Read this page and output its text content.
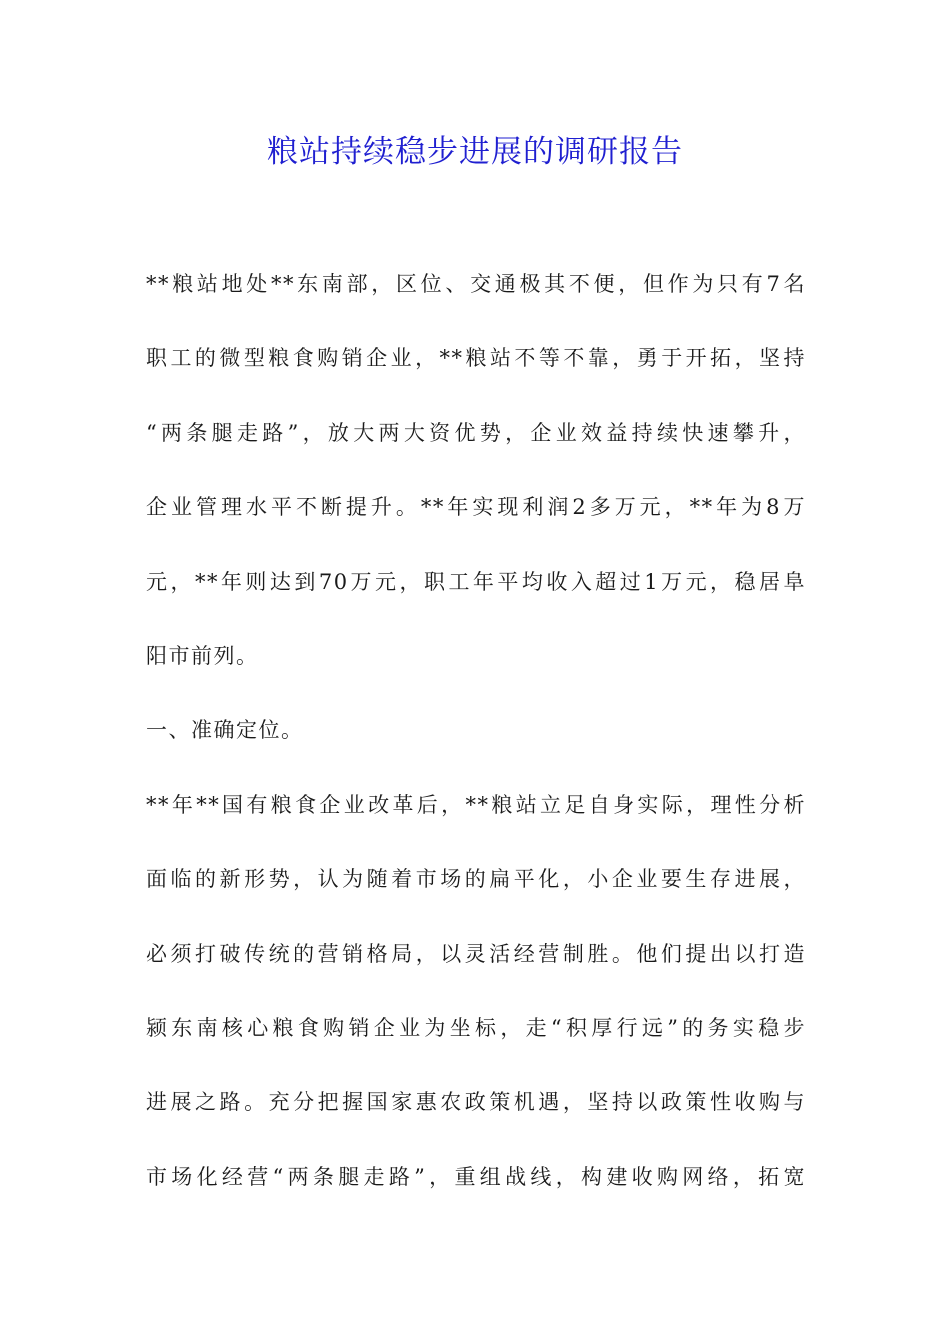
粮站持续稳步进展的调研报告
**粮站地处**东南部，区位、交通极其不便，但作为只有7名
职工的微型粮食购销企业，**粮站不等不靠，勇于开拓，坚持
“两条腿走路”，放大两大资优势，企业效益持续快速攀升，
企业管理水平不断提升。**年实现利润2多万元，**年为8万
元，**年则达到70万元，职工年平均收入超过1万元，稳居阜
阳市前列。
一、准确定位。
**年**国有粮食企业改革后，**粮站立足自身实际，理性分析
面临的新形势，认为随着市场的扁平化，小企业要生存进展，
必须打破传统的营销格局，以灵活经营制胜。他们提出以打造
颍东南核心粮食购销企业为坐标，走“积厚行远”的务实稳步
进展之路。充分把握国家惠农政策机遇，坚持以政策性收购与
市场化经营“两条腿走路”，重组战线，构建收购网络，拓宽
